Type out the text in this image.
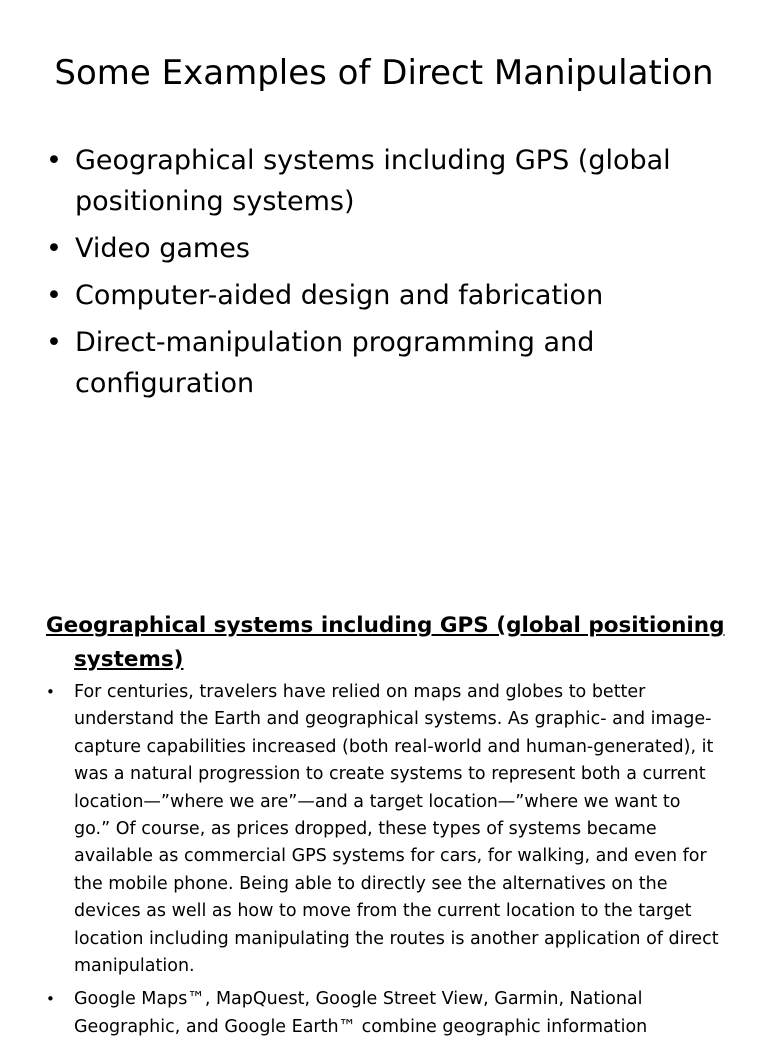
Some Examples of Direct Manipulation
• Geographical systems including GPS (global positioning systems)
• Video games
• Computer-aided design and fabrication
• Direct-manipulation programming and configuration
Geographical systems including GPS (global positioning systems)
• For centuries, travelers have relied on maps and globes to better understand the Earth and geographical systems. As graphic- and image-capture capabilities increased (both real-world and human-generated), it was a natural progression to create systems to represent both a current location—”where we are”—and a target location—”where we want to go.” Of course, as prices dropped, these types of systems became available as commercial GPS systems for cars, for walking, and even for the mobile phone. Being able to directly see the alternatives on the devices as well as how to move from the current location to the target location including manipulating the routes is another application of direct manipulation.
• Google Maps™, MapQuest, Google Street View, Garmin, National Geographic, and Google Earth™ combine geographic information
